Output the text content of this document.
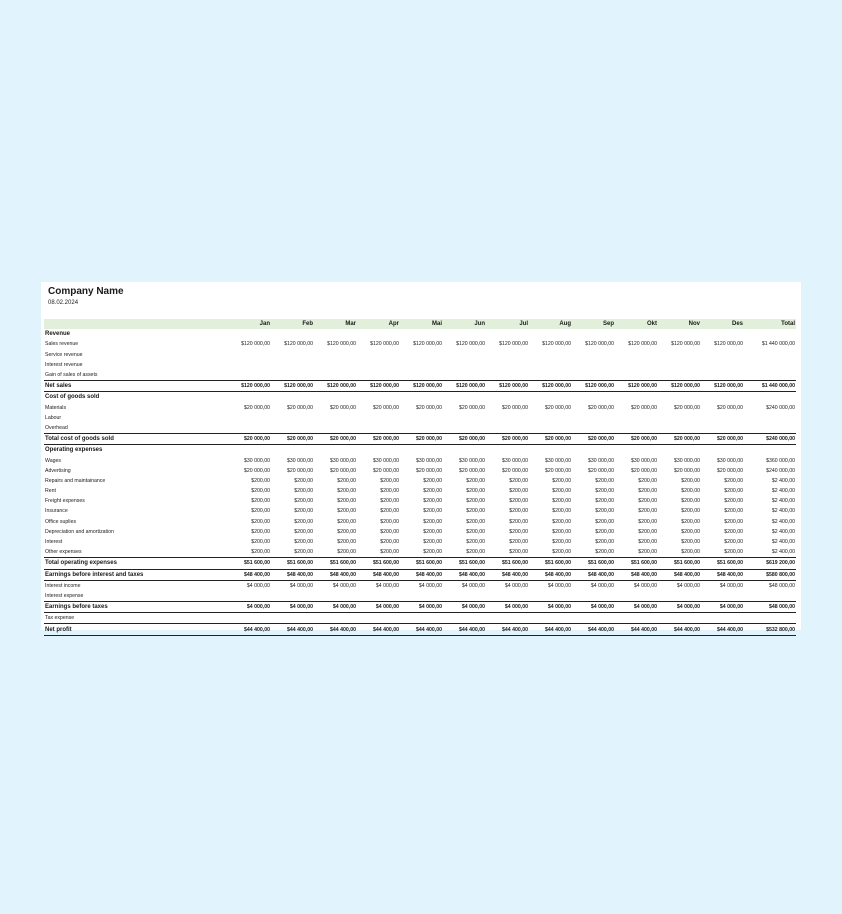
Company Name
08.02.2024
	Jan	Feb	Mar	Apr	Mai	Jun	Jul	Aug	Sep	Okt	Nov	Des	Total
Revenue													
Sales revenue	$120 000,00	$120 000,00	$120 000,00	$120 000,00	$120 000,00	$120 000,00	$120 000,00	$120 000,00	$120 000,00	$120 000,00	$120 000,00	$120 000,00	$1 440 000,00
Service revenue													
Interest revenue													
Gain of sales of assets													
Net sales	$120 000,00	$120 000,00	$120 000,00	$120 000,00	$120 000,00	$120 000,00	$120 000,00	$120 000,00	$120 000,00	$120 000,00	$120 000,00	$120 000,00	$1 440 000,00
Cost of goods sold													
Materials	$20 000,00	$20 000,00	$20 000,00	$20 000,00	$20 000,00	$20 000,00	$20 000,00	$20 000,00	$20 000,00	$20 000,00	$20 000,00	$20 000,00	$240 000,00
Labour													
Overhead													
Total cost of goods sold	$20 000,00	$20 000,00	$20 000,00	$20 000,00	$20 000,00	$20 000,00	$20 000,00	$20 000,00	$20 000,00	$20 000,00	$20 000,00	$20 000,00	$240 000,00
Operating expenses													
Wages	$30 000,00	$30 000,00	$30 000,00	$30 000,00	$30 000,00	$30 000,00	$30 000,00	$30 000,00	$30 000,00	$30 000,00	$30 000,00	$30 000,00	$360 000,00
Advertising	$20 000,00	$20 000,00	$20 000,00	$20 000,00	$20 000,00	$20 000,00	$20 000,00	$20 000,00	$20 000,00	$20 000,00	$20 000,00	$20 000,00	$240 000,00
Repairs and maintainance	$200,00	$200,00	$200,00	$200,00	$200,00	$200,00	$200,00	$200,00	$200,00	$200,00	$200,00	$200,00	$2 400,00
Rent	$200,00	$200,00	$200,00	$200,00	$200,00	$200,00	$200,00	$200,00	$200,00	$200,00	$200,00	$200,00	$2 400,00
Freight expenses	$200,00	$200,00	$200,00	$200,00	$200,00	$200,00	$200,00	$200,00	$200,00	$200,00	$200,00	$200,00	$2 400,00
Insurance	$200,00	$200,00	$200,00	$200,00	$200,00	$200,00	$200,00	$200,00	$200,00	$200,00	$200,00	$200,00	$2 400,00
Office suplies	$200,00	$200,00	$200,00	$200,00	$200,00	$200,00	$200,00	$200,00	$200,00	$200,00	$200,00	$200,00	$2 400,00
Depreciation and amortization	$200,00	$200,00	$200,00	$200,00	$200,00	$200,00	$200,00	$200,00	$200,00	$200,00	$200,00	$200,00	$2 400,00
Interest	$200,00	$200,00	$200,00	$200,00	$200,00	$200,00	$200,00	$200,00	$200,00	$200,00	$200,00	$200,00	$2 400,00
Other expenses	$200,00	$200,00	$200,00	$200,00	$200,00	$200,00	$200,00	$200,00	$200,00	$200,00	$200,00	$200,00	$2 400,00
Total operating expenses	$51 600,00	$51 600,00	$51 600,00	$51 600,00	$51 600,00	$51 600,00	$51 600,00	$51 600,00	$51 600,00	$51 600,00	$51 600,00	$51 600,00	$619 200,00
Earnings before interest and taxes	$48 400,00	$48 400,00	$48 400,00	$48 400,00	$48 400,00	$48 400,00	$48 400,00	$48 400,00	$48 400,00	$48 400,00	$48 400,00	$48 400,00	$580 800,00
Interest income	$4 000,00	$4 000,00	$4 000,00	$4 000,00	$4 000,00	$4 000,00	$4 000,00	$4 000,00	$4 000,00	$4 000,00	$4 000,00	$4 000,00	$48 000,00
Interest expense													
Earnings before taxes	$4 000,00	$4 000,00	$4 000,00	$4 000,00	$4 000,00	$4 000,00	$4 000,00	$4 000,00	$4 000,00	$4 000,00	$4 000,00	$4 000,00	$48 000,00
Tax expense													
Net profit	$44 400,00	$44 400,00	$44 400,00	$44 400,00	$44 400,00	$44 400,00	$44 400,00	$44 400,00	$44 400,00	$44 400,00	$44 400,00	$44 400,00	$532 800,00
